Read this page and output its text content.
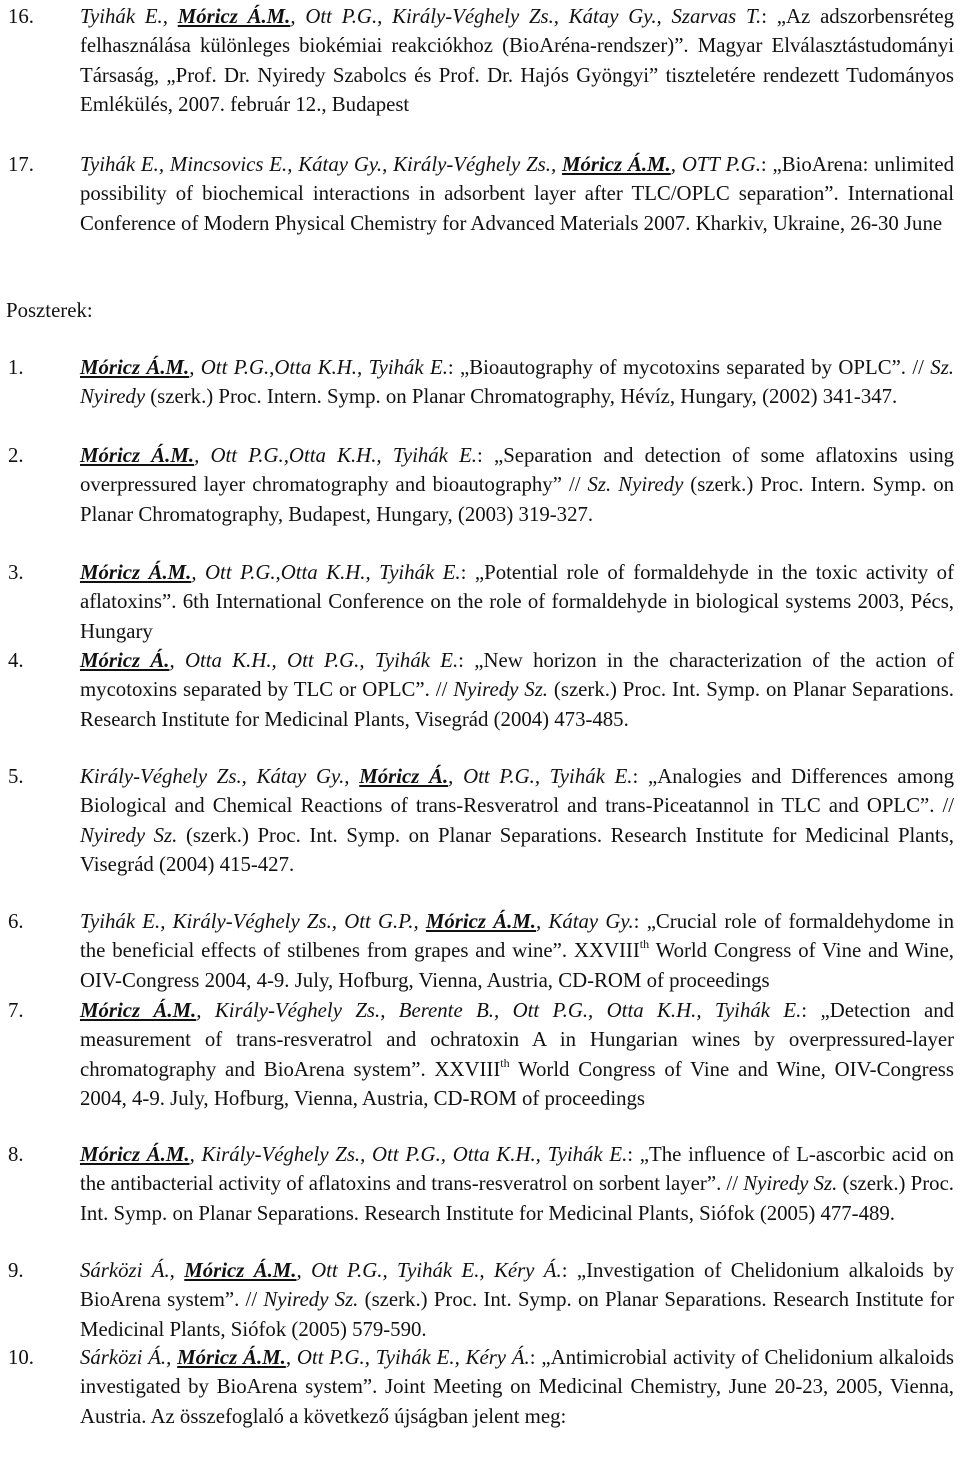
16. Tyihák E., Móricz Á.M., Ott P.G., Király-Véghely Zs., Kátay Gy., Szarvas T.: „Az adszorbensréteg felhasználása különleges biokémiai reakciókhoz (BioAréna-rendszer)”. Magyar Elválasztástudományi Társaság, „Prof. Dr. Nyiredy Szabolcs és Prof. Dr. Hajós Gyöngyi” tiszteletére rendezett Tudományos Emlékülés, 2007. február 12., Budapest
17. Tyihák E., Mincsovics E., Kátay Gy., Király-Véghely Zs., Móricz Á.M., OTT P.G.: „BioArena: unlimited possibility of biochemical interactions in adsorbent layer after TLC/OPLC separation”. International Conference of Modern Physical Chemistry for Advanced Materials 2007. Kharkiv, Ukraine, 26-30 June
Poszterek:
1.	Móricz Á.M., Ott P.G.,Otta K.H., Tyihák E.: „Bioautography of mycotoxins separated by OPLC”. // Sz. Nyiredy (szerk.) Proc. Intern. Symp. on Planar Chromatography, Hévíz, Hungary, (2002) 341-347.
2.	Móricz Á.M., Ott P.G.,Otta K.H., Tyihák E.: „Separation and detection of some aflatoxins using overpressured layer chromatography and bioautography” // Sz. Nyiredy (szerk.) Proc. Intern. Symp. on Planar Chromatography, Budapest, Hungary, (2003) 319-327.
3.	Móricz Á.M., Ott P.G.,Otta K.H., Tyihák E.: „Potential role of formaldehyde in the toxic activity of aflatoxins”. 6th International Conference on the role of formaldehyde in biological systems 2003, Pécs, Hungary
4.	Móricz Á., Otta K.H., Ott P.G., Tyihák E.: „New horizon in the characterization of the action of mycotoxins separated by TLC or OPLC”. // Nyiredy Sz. (szerk.) Proc. Int. Symp. on Planar Separations. Research Institute for Medicinal Plants, Visegrád (2004) 473-485.
5.	Király-Véghely Zs., Kátay Gy., Móricz Á., Ott P.G., Tyihák E.: „Analogies and Differences among Biological and Chemical Reactions of trans-Resveratrol and trans-Piceatannol in TLC and OPLC”. // Nyiredy Sz. (szerk.) Proc. Int. Symp. on Planar Separations. Research Institute for Medicinal Plants, Visegrád (2004) 415-427.
6.	Tyihák E., Király-Véghely Zs., Ott G.P., Móricz Á.M., Kátay Gy.: „Crucial role of formaldehydome in the beneficial effects of stilbenes from grapes and wine”. XXVIIIth World Congress of Vine and Wine, OIV-Congress 2004, 4-9. July, Hofburg, Vienna, Austria, CD-ROM of proceedings
7.	Móricz Á.M., Király-Véghely Zs., Berente B., Ott P.G., Otta K.H., Tyihák E.: „Detection and measurement of trans-resveratrol and ochratoxin A in Hungarian wines by overpressured-layer chromatography and BioArena system”. XXVIIIth World Congress of Vine and Wine, OIV-Congress 2004, 4-9. July, Hofburg, Vienna, Austria, CD-ROM of proceedings
8.	Móricz Á.M., Király-Véghely Zs., Ott P.G., Otta K.H., Tyihák E.: „The influence of L-ascorbic acid on the antibacterial activity of aflatoxins and trans-resveratrol on sorbent layer”. // Nyiredy Sz. (szerk.) Proc. Int. Symp. on Planar Separations. Research Institute for Medicinal Plants, Siófok (2005) 477-489.
9.	Sárközi Á., Móricz Á.M., Ott P.G., Tyihák E., Kéry Á.: „Investigation of Chelidonium alkaloids by BioArena system”. // Nyiredy Sz. (szerk.) Proc. Int. Symp. on Planar Separations. Research Institute for Medicinal Plants, Siófok (2005) 579-590.
10. Sárközi Á., Móricz Á.M., Ott P.G., Tyihák E., Kéry Á.: „Antimicrobial activity of Chelidonium alkaloids investigated by BioArena system”. Joint Meeting on Medicinal Chemistry, June 20-23, 2005, Vienna, Austria. Az összefoglaló a következő újságban jelent meg:
